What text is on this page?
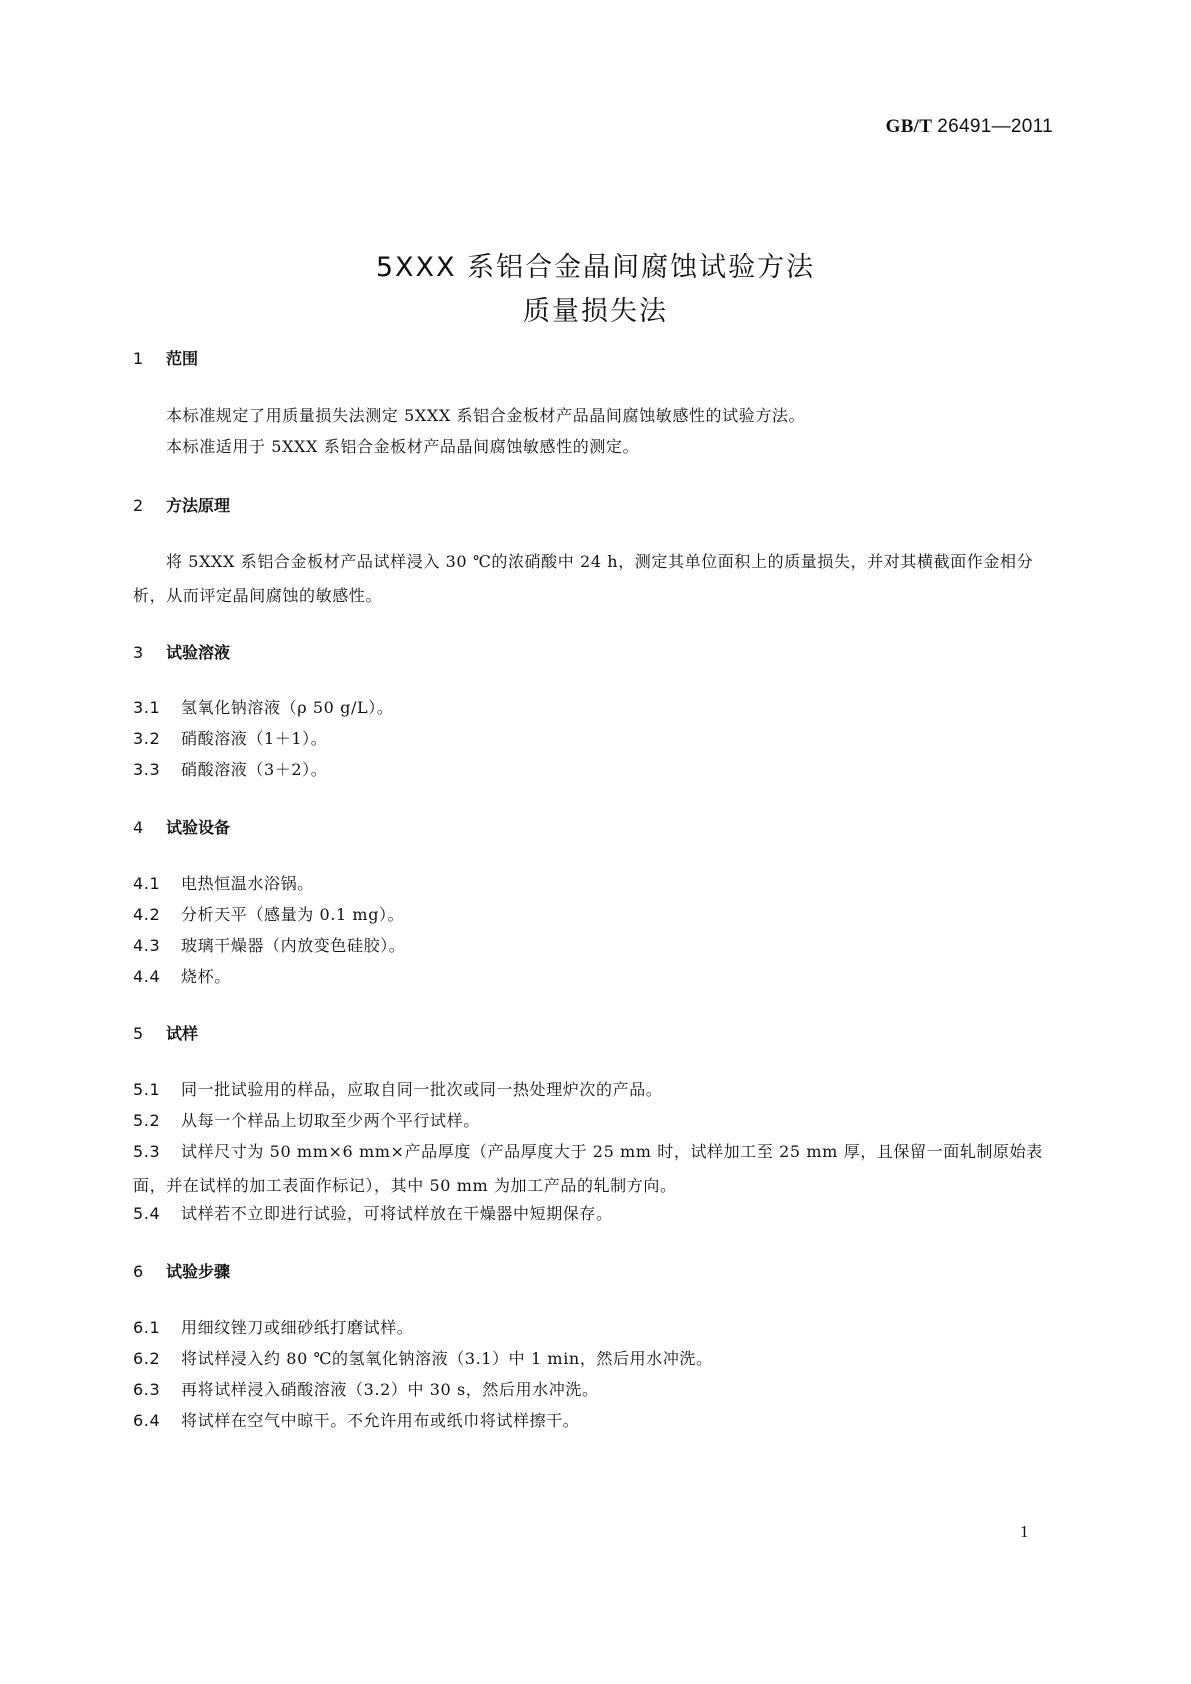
GB/T 26491—2011
5XXX 系铝合金晶间腐蚀试验方法
质量损失法
1 范围
本标准规定了用质量损失法测定 5XXX 系铝合金板材产品晶间腐蚀敏感性的试验方法。
本标准适用于 5XXX 系铝合金板材产品晶间腐蚀敏感性的测定。
2 方法原理
将 5XXX 系铝合金板材产品试样浸入 30 ℃的浓硝酸中 24 h，测定其单位面积上的质量损失，并对其横截面作金相分析，从而评定晶间腐蚀的敏感性。
3 试验溶液
3.1 氢氧化钠溶液（ρ 50 g/L）。
3.2 硝酸溶液（1＋1）。
3.3 硝酸溶液（3＋2）。
4 试验设备
4.1 电热恒温水浴锅。
4.2 分析天平（感量为 0.1 mg）。
4.3 玻璃干燥器（内放变色硅胶）。
4.4 烧杯。
5 试样
5.1 同一批试验用的样品，应取自同一批次或同一热处理炉次的产品。
5.2 从每一个样品上切取至少两个平行试样。
5.3 试样尺寸为 50 mm×6 mm×产品厚度（产品厚度大于 25 mm 时，试样加工至 25 mm 厚，且保留一面轧制原始表面，并在试样的加工表面作标记），其中 50 mm 为加工产品的轧制方向。
5.4 试样若不立即进行试验，可将试样放在干燥器中短期保存。
6 试验步骤
6.1 用细纹锉刀或细砂纸打磨试样。
6.2 将试样浸入约 80 ℃的氢氧化钠溶液（3.1）中 1 min，然后用水冲洗。
6.3 再将试样浸入硝酸溶液（3.2）中 30 s，然后用水冲洗。
6.4 将试样在空气中晾干。不允许用布或纸巾将试样擦干。
1
